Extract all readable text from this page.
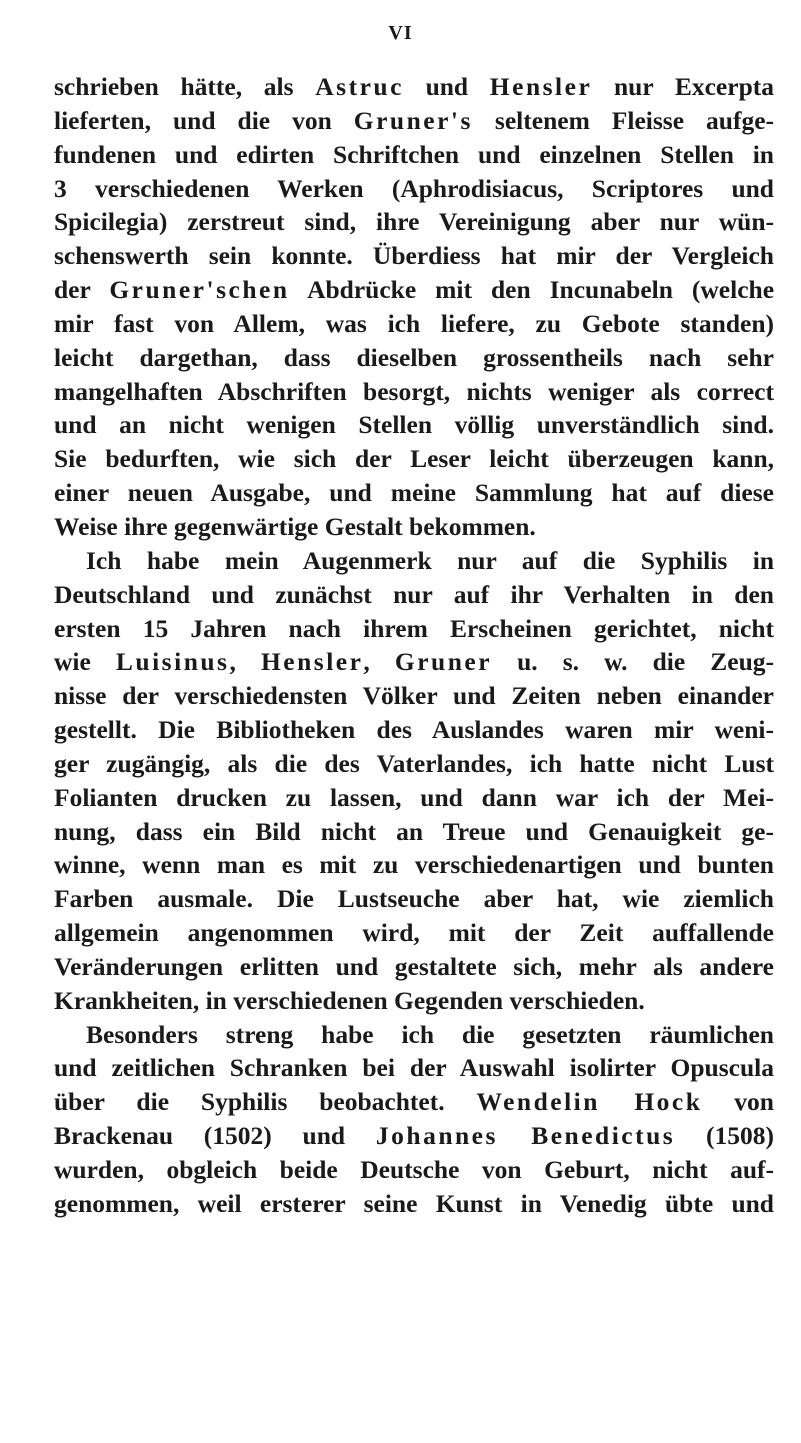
VI
schrieben hätte, als Astruc und Hensler nur Excerpta
lieferten, und die von Gruner's seltenem Fleisse aufge-
fundenen und edirten Schriftchen und einzelnen Stellen in
3 verschiedenen Werken (Aphrodisiacus, Scriptores und
Spicilegia) zerstreut sind, ihre Vereinigung aber nur wün-
schenswerth sein konnte. Überdiess hat mir der Vergleich
der Gruner'schen Abdrücke mit den Incunabeln (welche
mir fast von Allem, was ich liefere, zu Gebote standen)
leicht dargethan, dass dieselben grossentheils nach sehr
mangelhaften Abschriften besorgt, nichts weniger als correct
und an nicht wenigen Stellen völlig unverständlich sind.
Sie bedurften, wie sich der Leser leicht überzeugen kann,
einer neuen Ausgabe, und meine Sammlung hat auf diese
Weise ihre gegenwärtige Gestalt bekommen.
Ich habe mein Augenmerk nur auf die Syphilis in
Deutschland und zunächst nur auf ihr Verhalten in den
ersten 15 Jahren nach ihrem Erscheinen gerichtet, nicht
wie Luisinus, Hensler, Gruner u. s. w. die Zeug-
nisse der verschiedensten Völker und Zeiten neben einander
gestellt. Die Bibliotheken des Auslandes waren mir weni-
ger zugängig, als die des Vaterlandes, ich hatte nicht Lust
Folianten drucken zu lassen, und dann war ich der Mei-
nung, dass ein Bild nicht an Treue und Genauigkeit ge-
winne, wenn man es mit zu verschiedenartigen und bunten
Farben ausmale. Die Lustseuche aber hat, wie ziemlich
allgemein angenommen wird, mit der Zeit auffallende
Veränderungen erlitten und gestaltete sich, mehr als andere
Krankheiten, in verschiedenen Gegenden verschieden.
Besonders streng habe ich die gesetzten räumlichen
und zeitlichen Schranken bei der Auswahl isolirter Opuscula
über die Syphilis beobachtet. Wendelin Hock von
Brackenau (1502) und Johannes Benedictus (1508)
wurden, obgleich beide Deutsche von Geburt, nicht auf-
genommen, weil ersterer seine Kunst in Venedig übte und
